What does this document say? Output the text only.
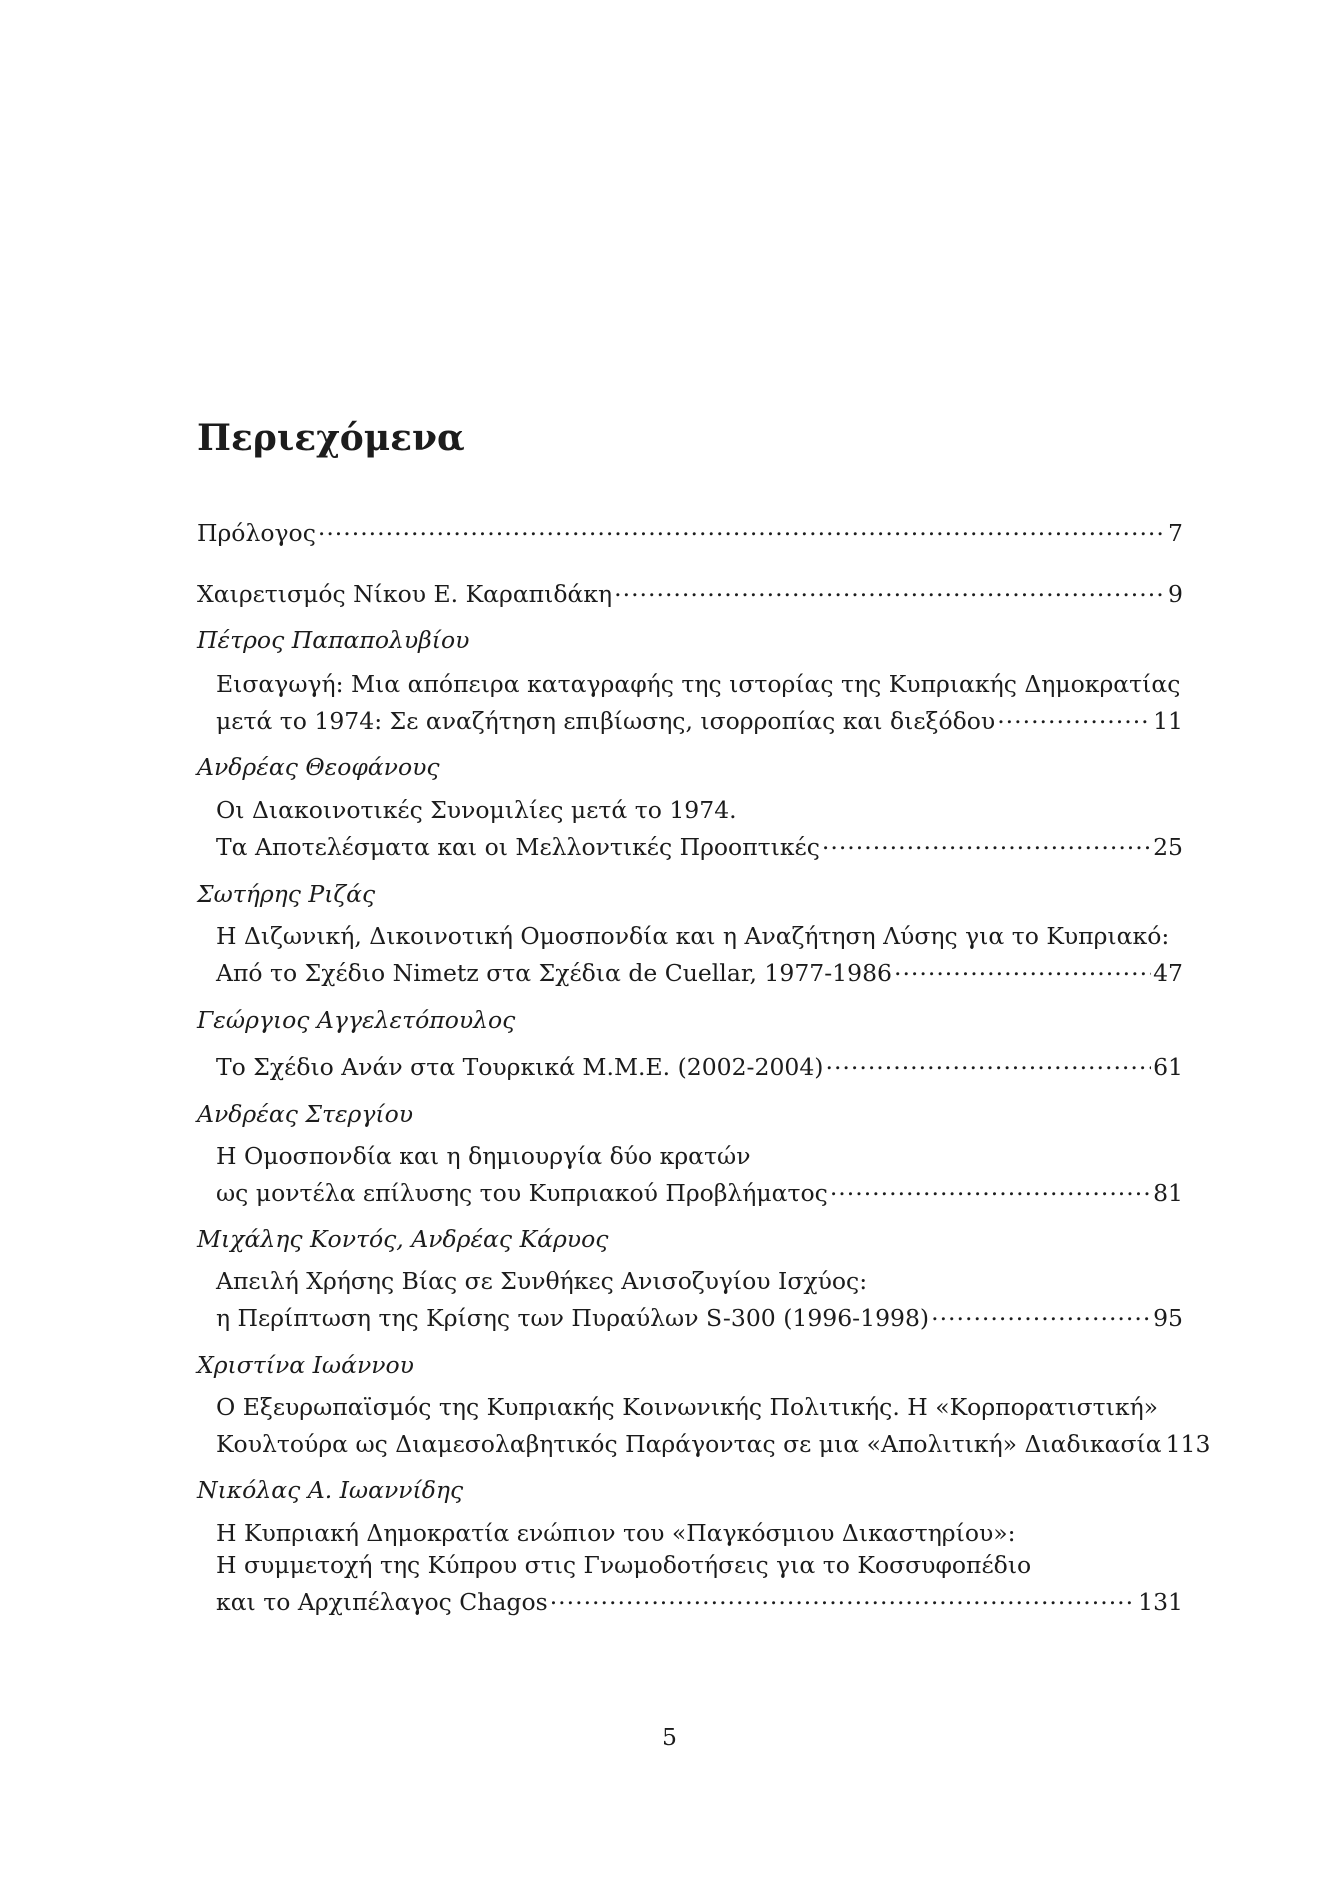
Περιεχόμενα
Πρόλογος .....	7
Χαιρετισμός Νίκου Ε. Καραπιδάκη .....	9
Πέτρος Παπαπολυβίου
Εισαγωγή: Μια απόπειρα καταγραφής της ιστορίας της Κυπριακής Δημοκρατίας
μετά το 1974: Σε αναζήτηση επιβίωσης, ισορροπίας και διεξόδου .....	11
Ανδρέας Θεοφάνους
Οι Διακοινοτικές Συνομιλίες μετά το 1974.
Τα Αποτελέσματα και οι Μελλοντικές Προοπτικές .....	25
Σωτήρης Ριζάς
Η Διζωνική, Δικοινοτική Ομοσπονδία και η Αναζήτηση Λύσης για το Κυπριακό:
Από το Σχέδιο Nimetz στα Σχέδια de Cuellar, 1977-1986 .....	47
Γεώργιος Αγγελετόπουλος
Το Σχέδιο Ανάν στα Τουρκικά Μ.Μ.Ε. (2002-2004) .....	61
Ανδρέας Στεργίου
Η Ομοσπονδία και η δημιουργία δύο κρατών
ως μοντέλα επίλυσης του Κυπριακού Προβλήματος .....	81
Μιχάλης Κοντός, Ανδρέας Κάρυος
Απειλή Χρήσης Βίας σε Συνθήκες Ανισοζυγίου Ισχύος:
η Περίπτωση της Κρίσης των Πυραύλων S-300 (1996-1998) .....	95
Χριστίνα Ιωάννου
Ο Εξευρωπαϊσμός της Κυπριακής Κοινωνικής Πολιτικής. Η «Κορπορατιστική»
Κουλτούρα ως Διαμεσολαβητικός Παράγοντας σε μια «Απολιτική» Διαδικασία 113
Νικόλας Α. Ιωαννίδης
Η Κυπριακή Δημοκρατία ενώπιον του «Παγκόσμιου Δικαστηρίου»:
Η συμμετοχή της Κύπρου στις Γνωμοδοτήσεις για το Κοσσυφοπέδιο
και το Αρχιπέλαγος Chagos .....	131
5
